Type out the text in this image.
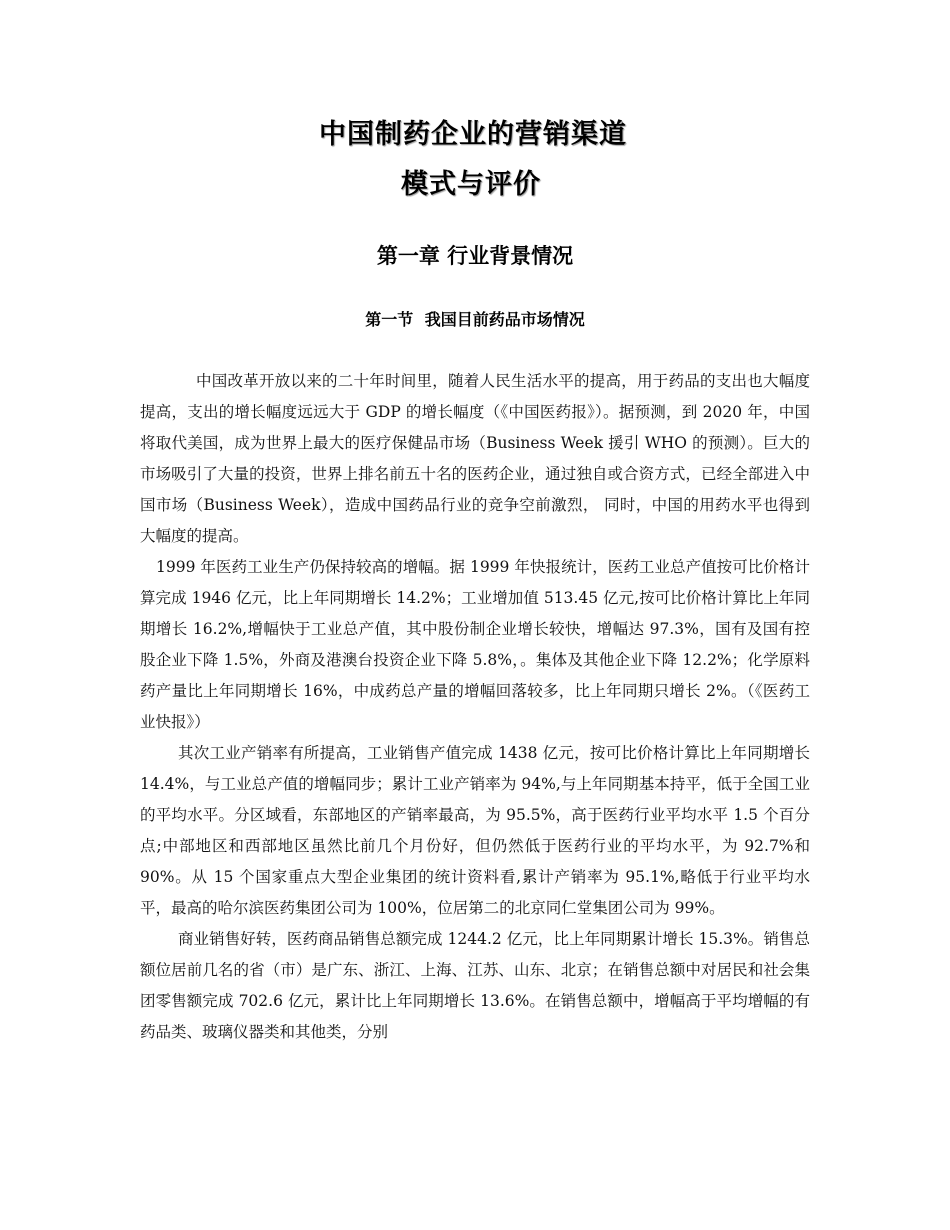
中国制药企业的营销渠道
模式与评价
第一章 行业背景情况
第一节 我国目前药品市场情况

中国改革开放以来的二十年时间里，随着人民生活水平的提高，用于药品的支出也大幅度提高，支出的增长幅度远远大于 GDP 的增长幅度（《中国医药报》）。据预测，到 2020 年，中国将取代美国，成为世界上最大的医疗保健品市场（Business Week 援引 WHO 的预测）。巨大的市场吸引了大量的投资，世界上排名前五十名的医药企业，通过独自或合资方式，已经全部进入中国市场（Business Week），造成中国药品行业的竞争空前激烈， 同时，中国的用药水平也得到大幅度的提高。

1999 年医药工业生产仍保持较高的增幅。据 1999 年快报统计，医药工业总产值按可比价格计算完成 1946 亿元，比上年同期增长 14.2%；工业增加值 513.45 亿元,按可比价格计算比上年同期增长 16.2%,增幅快于工业总产值，其中股份制企业增长较快，增幅达 97.3%，国有及国有控股企业下降 1.5%，外商及港澳台投资企业下降 5.8%，。集体及其他企业下降 12.2%；化学原料药产量比上年同期增长 16%，中成药总产量的增幅回落较多，比上年同期只增长 2%。（《医药工业快报》）

其次工业产销率有所提高，工业销售产值完成 1438 亿元，按可比价格计算比上年同期增长 14.4%，与工业总产值的增幅同步；累计工业产销率为 94%,与上年同期基本持平，低于全国工业的平均水平。分区域看，东部地区的产销率最高，为 95.5%，高于医药行业平均水平 1.5 个百分点;中部地区和西部地区虽然比前几个月份好，但仍然低于医药行业的平均水平，为 92.7%和 90%。从 15 个国家重点大型企业集团的统计资料看,累计产销率为 95.1%,略低于行业平均水平，最高的哈尔滨医药集团公司为 100%，位居第二的北京同仁堂集团公司为 99%。

商业销售好转，医药商品销售总额完成 1244.2 亿元，比上年同期累计增长 15.3%。销售总额位居前几名的省（市）是广东、浙江、上海、江苏、山东、北京；在销售总额中对居民和社会集团零售额完成 702.6 亿元，累计比上年同期增长 13.6%。在销售总额中，增幅高于平均增幅的有药品类、玻璃仪器类和其他类，分别
